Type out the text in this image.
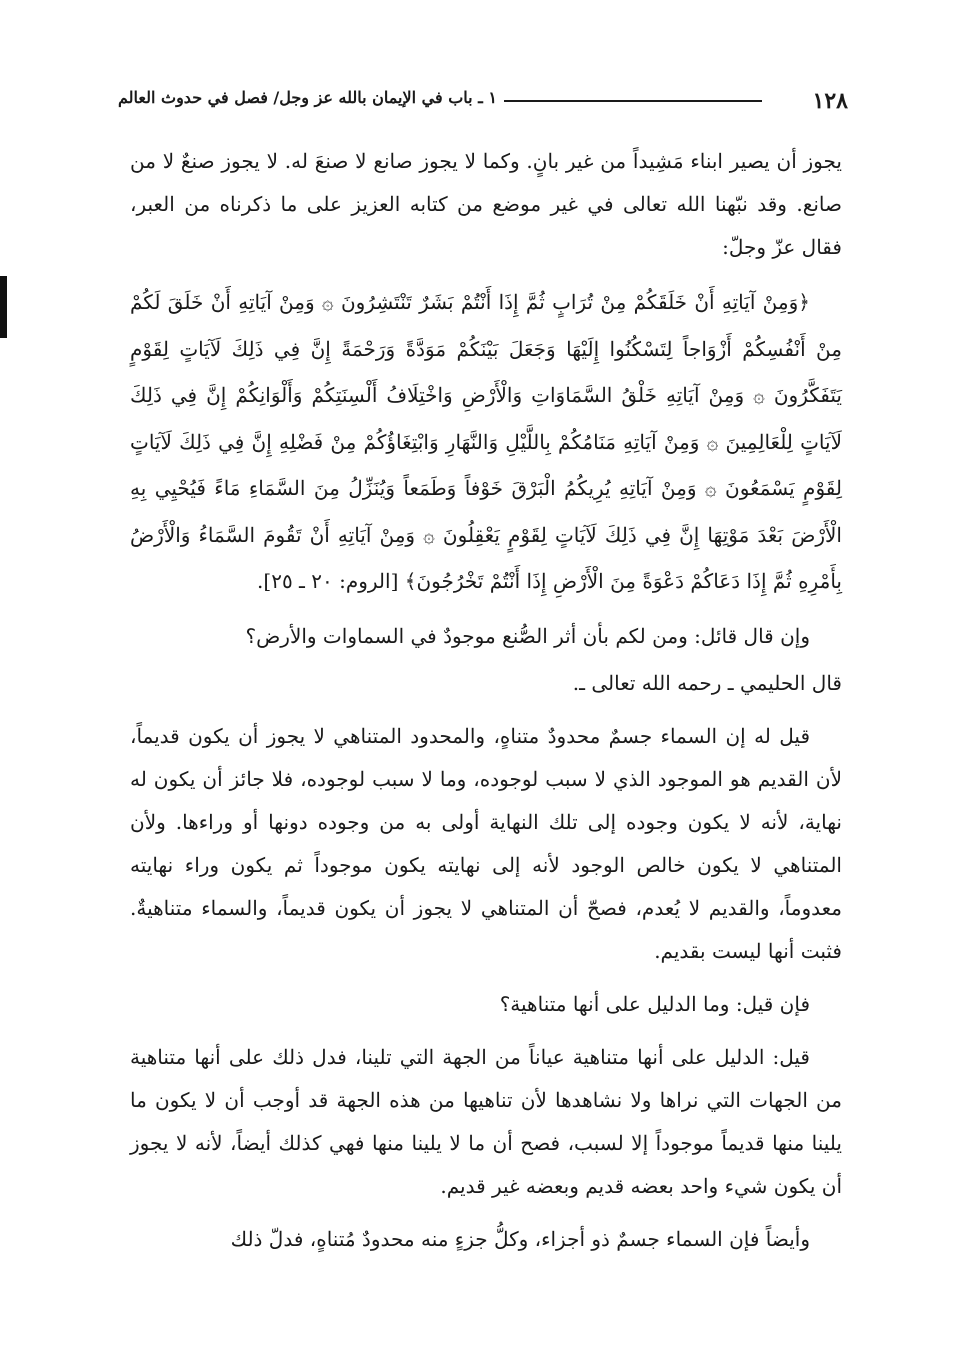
١٢٨
١ ـ باب في الإيمان بالله عز وجل/ فصل في حدوث العالم

يجوز أن يصير ابناء مَشِيداً من غير بانٍ. وكما لا يجوز صانع لا صنعَ له. لا يجوز صنعٌ لا من صانع. وقد نبّهنا الله تعالى في غير موضع من كتابه العزيز على ما ذكرناه من العبر، فقال عزّ وجلّ:

﴿وَمِنْ آيَاتِهِ أَنْ خَلَقَكُمْ مِنْ تُرَابٍ ثُمَّ إِذَا أَنْتُمْ بَشَرٌ تَنْتَشِرُونَ ۞ وَمِنْ آيَاتِهِ أَنْ خَلَقَ لَكُمْ مِنْ أَنْفُسِكُمْ أَزْوَاجاً لِتَسْكُنُوا إِلَيْهَا وَجَعَلَ بَيْنَكُمْ مَوَدَّةً وَرَحْمَةً إِنَّ فِي ذَلِكَ لَآيَاتٍ لِقَوْمٍ يَتَفَكَّرُونَ ۞ وَمِنْ آيَاتِهِ خَلْقُ السَّمَاوَاتِ وَالْأَرْضِ وَاخْتِلَافُ أَلْسِنَتِكُمْ وَأَلْوَانِكُمْ إِنَّ فِي ذَلِكَ لَآيَاتٍ لِلْعَالِمِينَ ۞ وَمِنْ آيَاتِهِ مَنَامُكُمْ بِاللَّيْلِ وَالنَّهَارِ وَابْتِغَاؤُكُمْ مِنْ فَضْلِهِ إِنَّ فِي ذَلِكَ لَآيَاتٍ لِقَوْمٍ يَسْمَعُونَ ۞ وَمِنْ آيَاتِهِ يُرِيكُمُ الْبَرْقَ خَوْفاً وَطَمَعاً وَيُنَزِّلُ مِنَ السَّمَاءِ مَاءً فَيُحْيِي بِهِ الْأَرْضَ بَعْدَ مَوْتِهَا إِنَّ فِي ذَلِكَ لَآيَاتٍ لِقَوْمٍ يَعْقِلُونَ ۞ وَمِنْ آيَاتِهِ أَنْ تَقُومَ السَّمَاءُ وَالْأَرْضُ بِأَمْرِهِ ثُمَّ إِذَا دَعَاكُمْ دَعْوَةً مِنَ الْأَرْضِ إِذَا أَنْتُمْ تَخْرُجُونَ﴾ [الروم: ٢٠ ـ ٢٥].

وإن قال قائل: ومن لكم بأن أثر الصُّنع موجودٌ في السماوات والأرض؟

قال الحليمي ـ رحمه الله تعالى ـ.

قيل له إن السماء جسمٌ محدودٌ متناهٍ، والمحدود المتناهي لا يجوز أن يكون قديماً، لأن القديم هو الموجود الذي لا سبب لوجوده، وما لا سبب لوجوده، فلا جائز أن يكون له نهاية، لأنه لا يكون وجوده إلى تلك النهاية أولى به من وجوده دونها أو وراءها. ولأن المتناهي لا يكون خالص الوجود لأنه إلى نهايته يكون موجوداً ثم يكون وراء نهايته معدوماً، والقديم لا يُعدم، فصحّ أن المتناهي لا يجوز أن يكون قديماً، والسماء متناهيةٌ. فثبت أنها ليست بقديم.

فإن قيل: وما الدليل على أنها متناهية؟

قيل: الدليل على أنها متناهية عياناً من الجهة التي تلينا، فدل ذلك على أنها متناهية من الجهات التي نراها ولا نشاهدها لأن تناهيها من هذه الجهة قد أوجب أن لا يكون ما يلينا منها قديماً موجوداً إلا لسبب، فصح أن ما لا يلينا منها فهي كذلك أيضاً، لأنه لا يجوز أن يكون شيء واحد بعضه قديم وبعضه غير قديم.

وأيضاً فإن السماء جسمٌ ذو أجزاء، وكلُّ جزءٍ منه محدودٌ مُتناهٍ، فدلّ ذلك
